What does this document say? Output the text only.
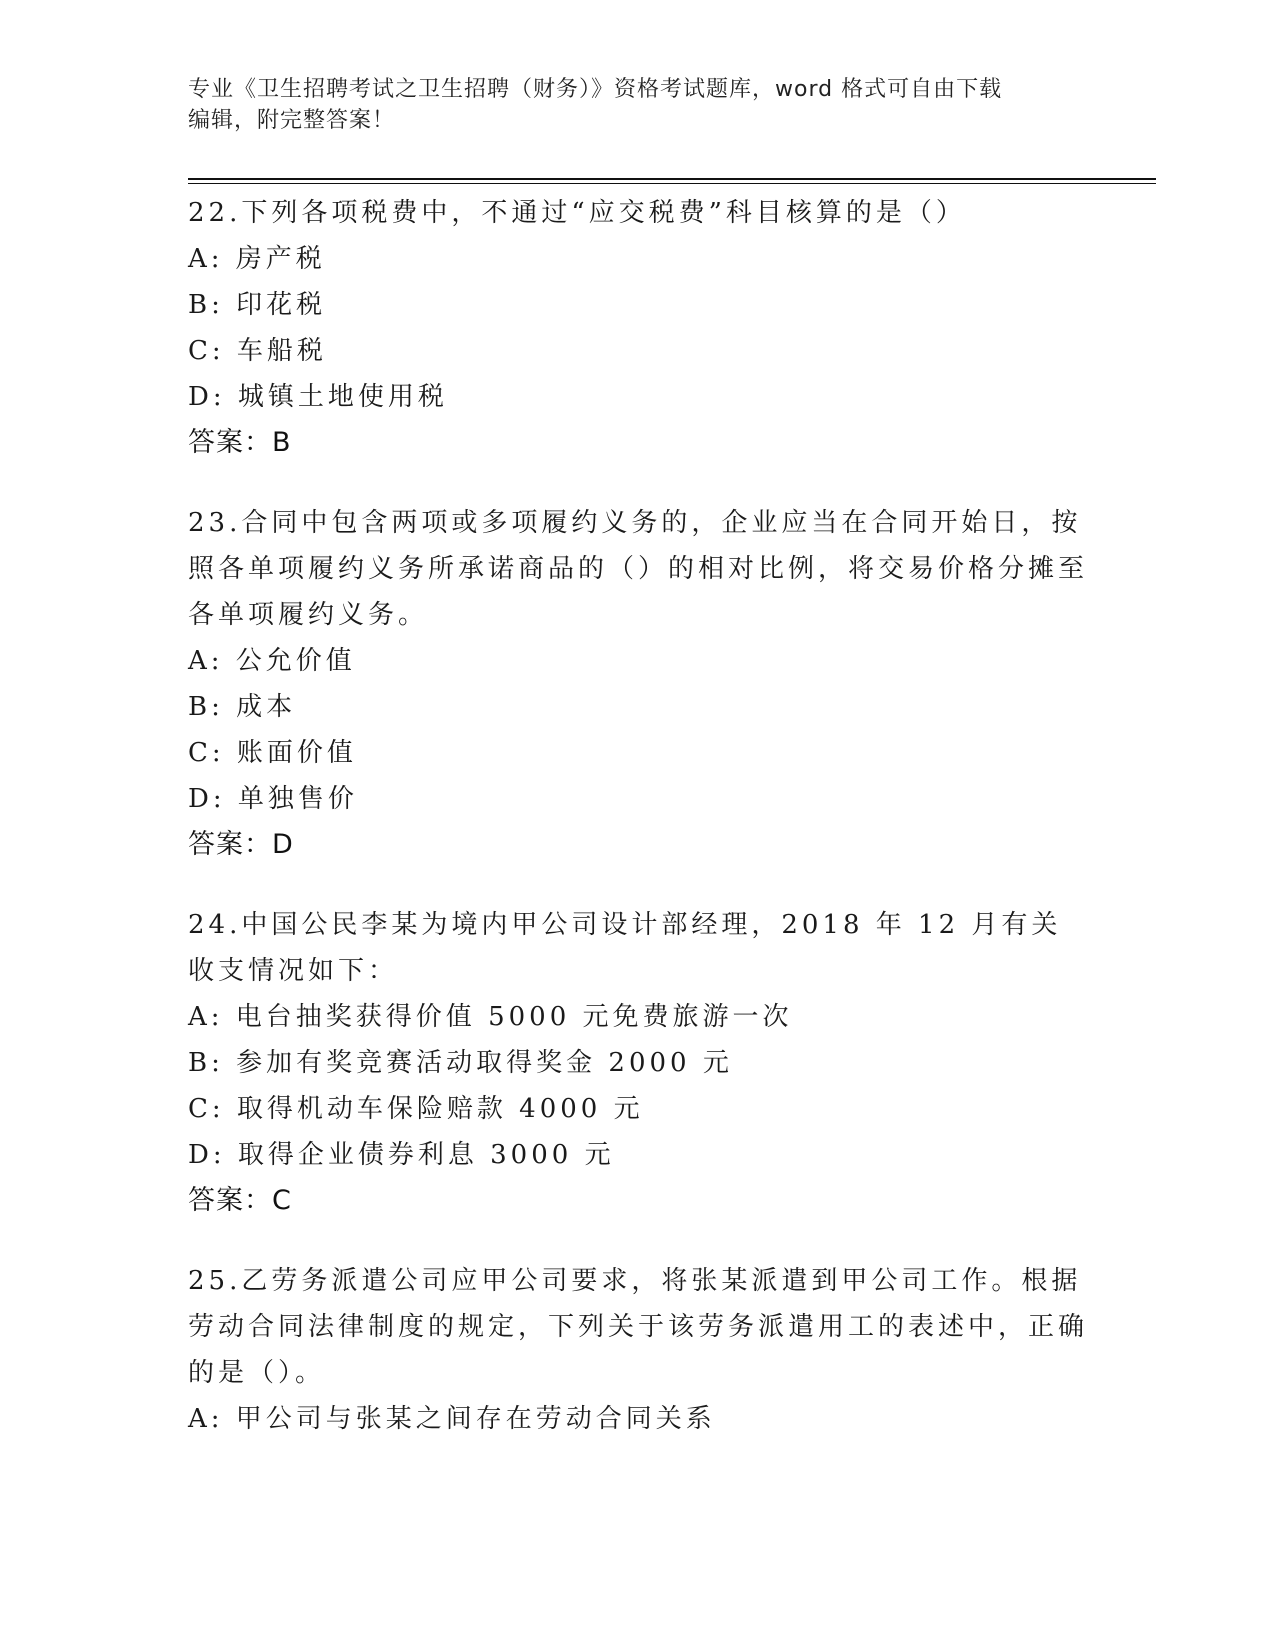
专业《卫生招聘考试之卫生招聘（财务）》资格考试题库，word 格式可自由下载
编辑，附完整答案！
22.下列各项税费中，不通过“应交税费”科目核算的是（）
A: 房产税
B: 印花税
C: 车船税
D: 城镇土地使用税
答案：B
23.合同中包含两项或多项履约义务的，企业应当在合同开始日，按照各单项履约义务所承诺商品的（）的相对比例，将交易价格分摊至各单项履约义务。
A: 公允价值
B: 成本
C: 账面价值
D: 单独售价
答案：D
24.中国公民李某为境内甲公司设计部经理，2018 年 12 月有关收支情况如下：
A: 电台抽奖获得价值 5000 元免费旅游一次
B: 参加有奖竞赛活动取得奖金 2000 元
C: 取得机动车保险赔款 4000 元
D: 取得企业债券利息 3000 元
答案：C
25.乙劳务派遣公司应甲公司要求，将张某派遣到甲公司工作。根据劳动合同法律制度的规定，下列关于该劳务派遣用工的表述中，正确的是（）。
A: 甲公司与张某之间存在劳动合同关系
